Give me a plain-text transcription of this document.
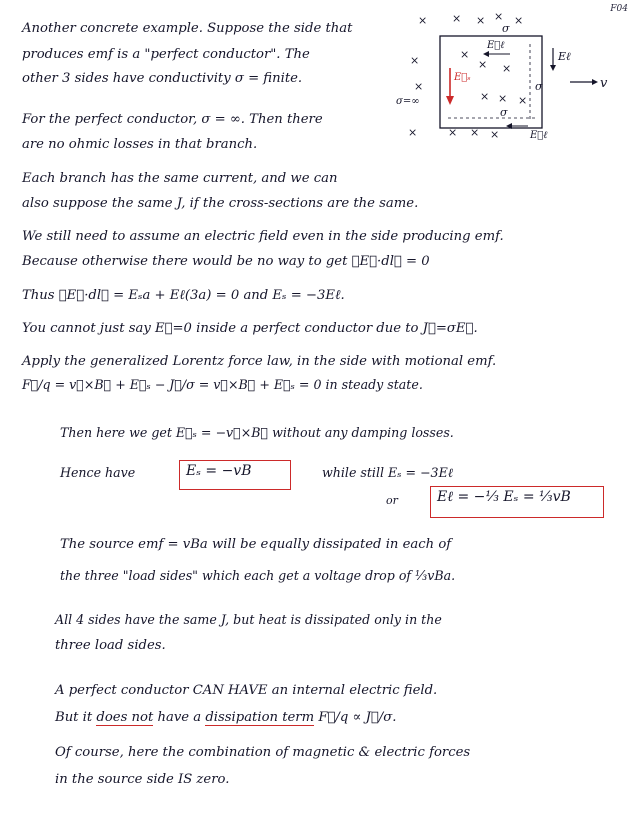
F04
σ
σ
σ
σ=∞
E⃗ℓ
E⃗ℓ
E⃗ₛ
Eℓ
v
× × × × ×
×	×
× ×
× × ×
×
×	× × ×
Another concrete example. Suppose the side that
produces emf is a "perfect conductor". The
other 3 sides have conductivity σ = finite.
For the perfect conductor, σ = ∞. Then there
are no ohmic losses in that branch.
Each branch has the same current, and we can
also suppose the same J, if the cross-sections are the same.
We still need to assume an electric field even in the side producing emf.
Because otherwise there would be no way to get ∮E⃗·dl⃗ = 0
Thus ∮E⃗·dl⃗ = Eₛa + Eℓ(3a) = 0 and Eₛ = −3Eℓ.
You cannot just say E⃗=0 inside a perfect conductor due to J⃗=σE⃗.
Apply the generalized Lorentz force law, in the side with motional emf.
F⃗/q = v⃗×B⃗ + E⃗ₛ − J⃗/σ = v⃗×B⃗ + E⃗ₛ = 0 in steady state.
Then here we get E⃗ₛ = −v⃗×B⃗ without any damping losses.
Hence have	Eₛ = −vB	while still Eₛ = −3Eℓ
or	Eℓ = −⅓ Eₛ = ⅓vB
The source emf = vBa will be equally dissipated in each of
the three "load sides" which each get a voltage drop of ⅓vBa.
All 4 sides have the same J, but heat is dissipated only in the
three load sides.
A perfect conductor CAN HAVE an internal electric field.
But it does not have a dissipation term F⃗/q ∝ J⃗/σ.
Of course, here the combination of magnetic & electric forces
in the source side IS zero.
